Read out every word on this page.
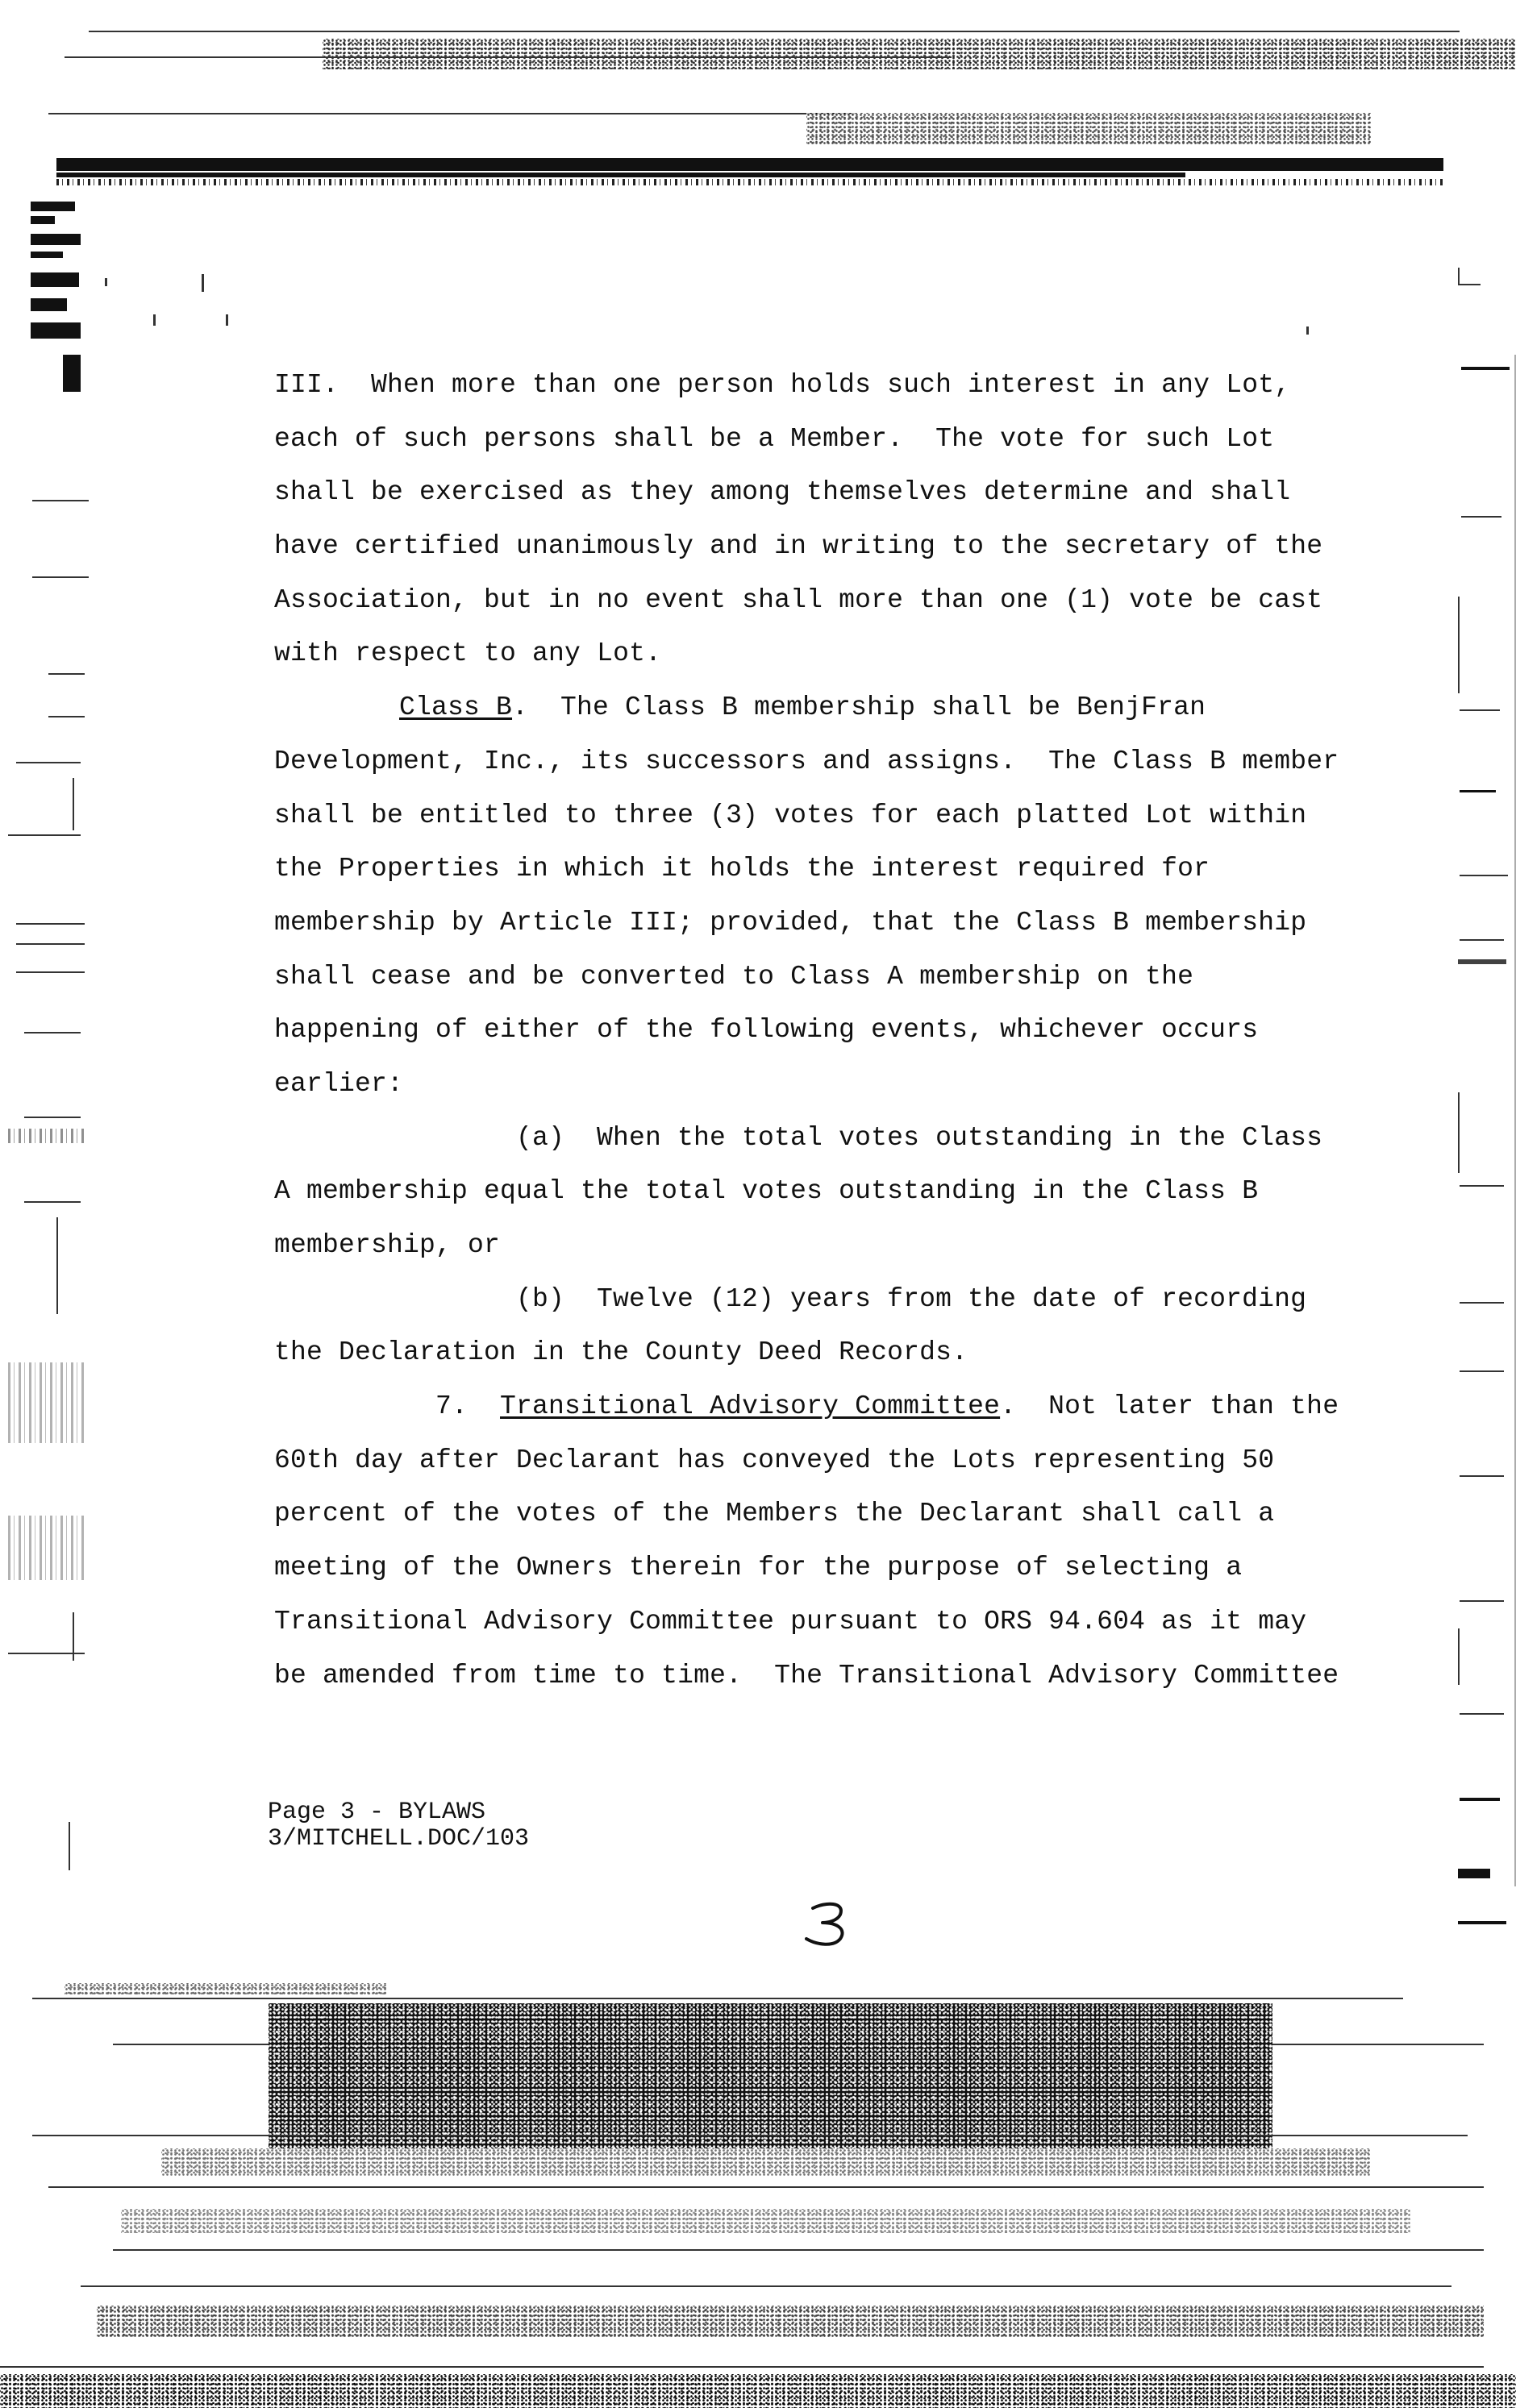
III.  When more than one person holds such interest in any Lot,
each of such persons shall be a Member.  The vote for such Lot
shall be exercised as they among themselves determine and shall
have certified unanimously and in writing to the secretary of the
Association, but in no event shall more than one (1) vote be cast
with respect to any Lot.
Class B.  The Class B membership shall be BenjFran
Development, Inc., its successors and assigns.  The Class B member
shall be entitled to three (3) votes for each platted Lot within
the Properties in which it holds the interest required for
membership by Article III; provided, that the Class B membership
shall cease and be converted to Class A membership on the
happening of either of the following events, whichever occurs
earlier:
(a)  When the total votes outstanding in the Class
A membership equal the total votes outstanding in the Class B
membership, or
(b)  Twelve (12) years from the date of recording
the Declaration in the County Deed Records.
7.  Transitional Advisory Committee.  Not later than the
60th day after Declarant has conveyed the Lots representing 50
percent of the votes of the Members the Declarant shall call a
meeting of the Owners therein for the purpose of selecting a
Transitional Advisory Committee pursuant to ORS 94.604 as it may
be amended from time to time.  The Transitional Advisory Committee
Page 3 - BYLAWS
3/MITCHELL.DOC/103
